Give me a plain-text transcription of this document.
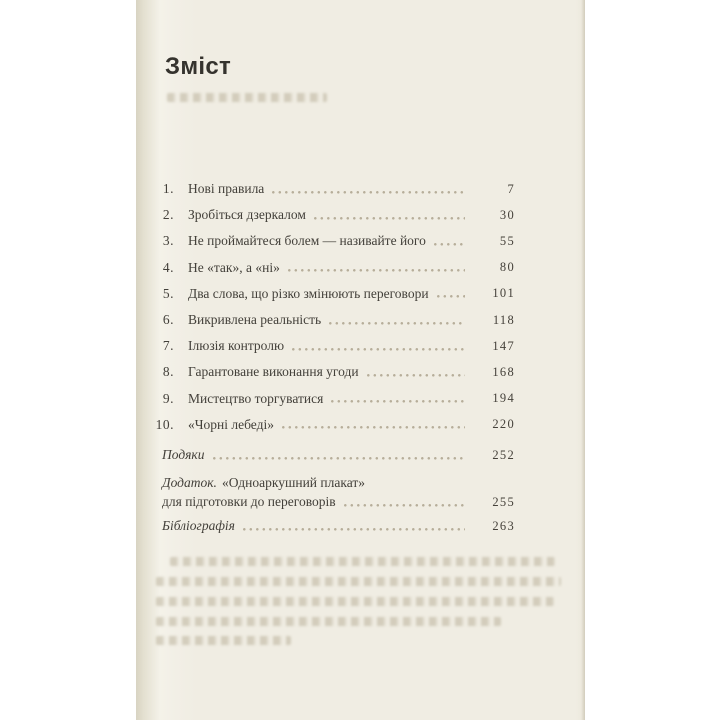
Зміст
1. Нові правила	7
2. Зробіться дзеркалом	30
3. Не проймайтеся болем — називайте його	55
4. Не «так», а «ні»	80
5. Два слова, що різко змінюють переговори	101
6. Викривлена реальність	118
7. Ілюзія контролю	147
8. Гарантоване виконання угоди	168
9. Мистецтво торгуватися	194
10. «Чорні лебеді»	220
Подяки	252
Додаток. «Одноаркушний плакат»
для підготовки до переговорів	255
Бібліографія	263
